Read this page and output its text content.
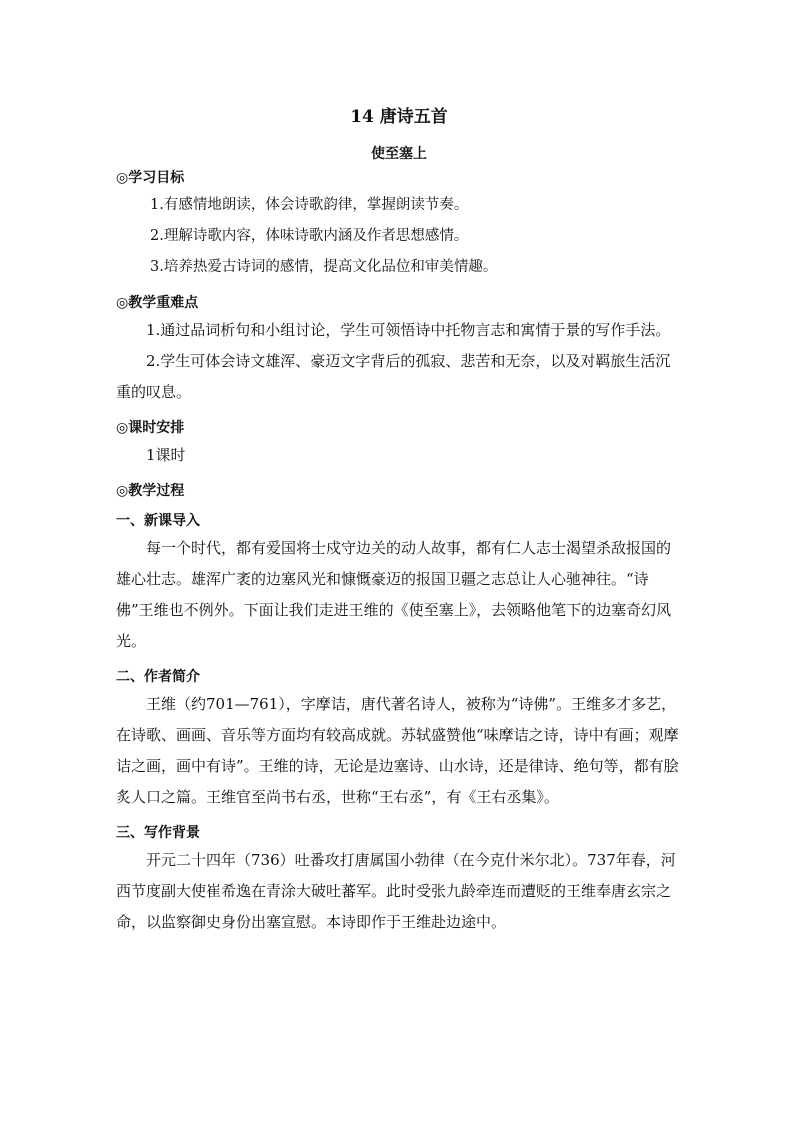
14 唐诗五首
使至塞上
◎学习目标
1.有感情地朗读，体会诗歌韵律，掌握朗读节奏。
2.理解诗歌内容，体味诗歌内涵及作者思想感情。
3.培养热爱古诗词的感情，提高文化品位和审美情趣。
◎教学重难点
1.通过品词析句和小组讨论，学生可领悟诗中托物言志和寓情于景的写作手法。
2.学生可体会诗文雄浑、豪迈文字背后的孤寂、悲苦和无奈，以及对羁旅生活沉重的叹息。
◎课时安排
1课时
◎教学过程
一、新课导入
每一个时代，都有爱国将士戍守边关的动人故事，都有仁人志士渴望杀敌报国的雄心壮志。雄浑广袤的边塞风光和慷慨豪迈的报国卫疆之志总让人心驰神往。“诗佛”王维也不例外。下面让我们走进王维的《使至塞上》，去领略他笔下的边塞奇幻风光。
二、作者简介
王维（约701—761），字摩诘，唐代著名诗人，被称为“诗佛”。王维多才多艺，在诗歌、画画、音乐等方面均有较高成就。苏轼盛赞他“味摩诘之诗，诗中有画；观摩诘之画，画中有诗”。王维的诗，无论是边塞诗、山水诗，还是律诗、绝句等，都有脍炙人口之篇。王维官至尚书右丞，世称“王右丞”，有《王右丞集》。
三、写作背景
开元二十四年（736）吐番攻打唐属国小勃律（在今克什米尔北）。737年春，河西节度副大使崔希逸在青涂大破吐蕃军。此时受张九龄牵连而遭贬的王维奉唐玄宗之命，以监察御史身份出塞宣慰。本诗即作于王维赴边途中。
